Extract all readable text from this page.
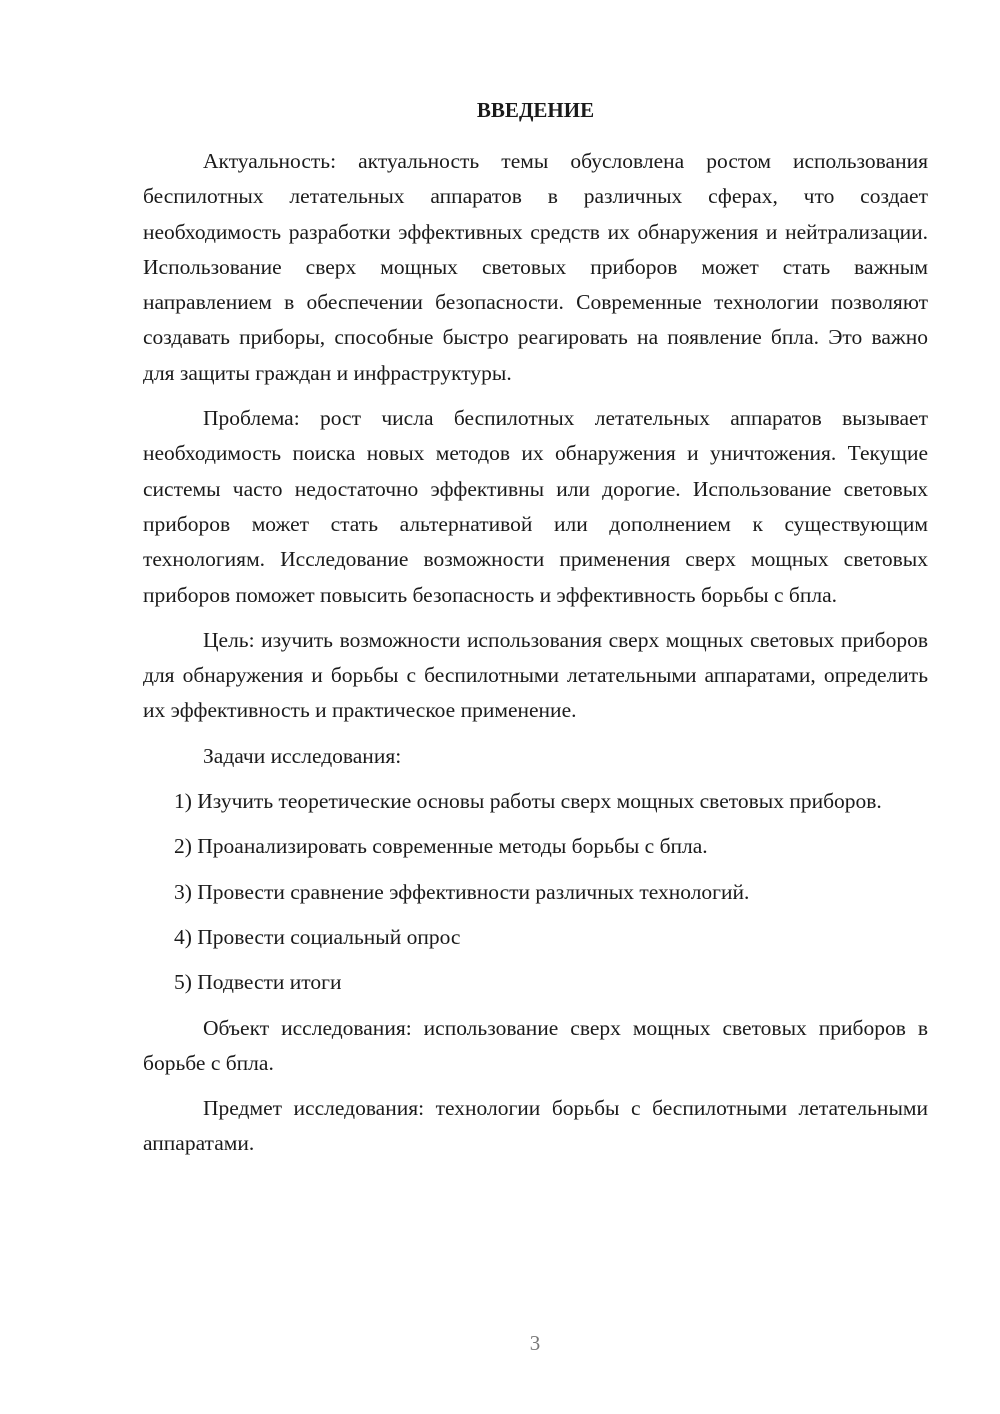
ВВЕДЕНИЕ

Актуальность: актуальность темы обусловлена ростом использования беспилотных летательных аппаратов в различных сферах, что создает необходимость разработки эффективных средств их обнаружения и нейтрализации. Использование сверх мощных световых приборов может стать важным направлением в обеспечении безопасности. Современные технологии позволяют создавать приборы, способные быстро реагировать на появление бпла. Это важно для защиты граждан и инфраструктуры.

Проблема: рост числа беспилотных летательных аппаратов вызывает необходимость поиска новых методов их обнаружения и уничтожения. Текущие системы часто недостаточно эффективны или дорогие. Использование световых приборов может стать альтернативой или дополнением к существующим технологиям. Исследование возможности применения сверх мощных световых приборов поможет повысить безопасность и эффективность борьбы с бпла.

Цель: изучить возможности использования сверх мощных световых приборов для обнаружения и борьбы с беспилотными летательными аппаратами, определить их эффективность и практическое применение.

Задачи исследования:

1) Изучить теоретические основы работы сверх мощных световых приборов.

2) Проанализировать современные методы борьбы с бпла.

3) Провести сравнение эффективности различных технологий.

4) Провести социальный опрос

5) Подвести итоги

Объект исследования: использование сверх мощных световых приборов в борьбе с бпла.

Предмет исследования: технологии борьбы с беспилотными летательными аппаратами.

3
